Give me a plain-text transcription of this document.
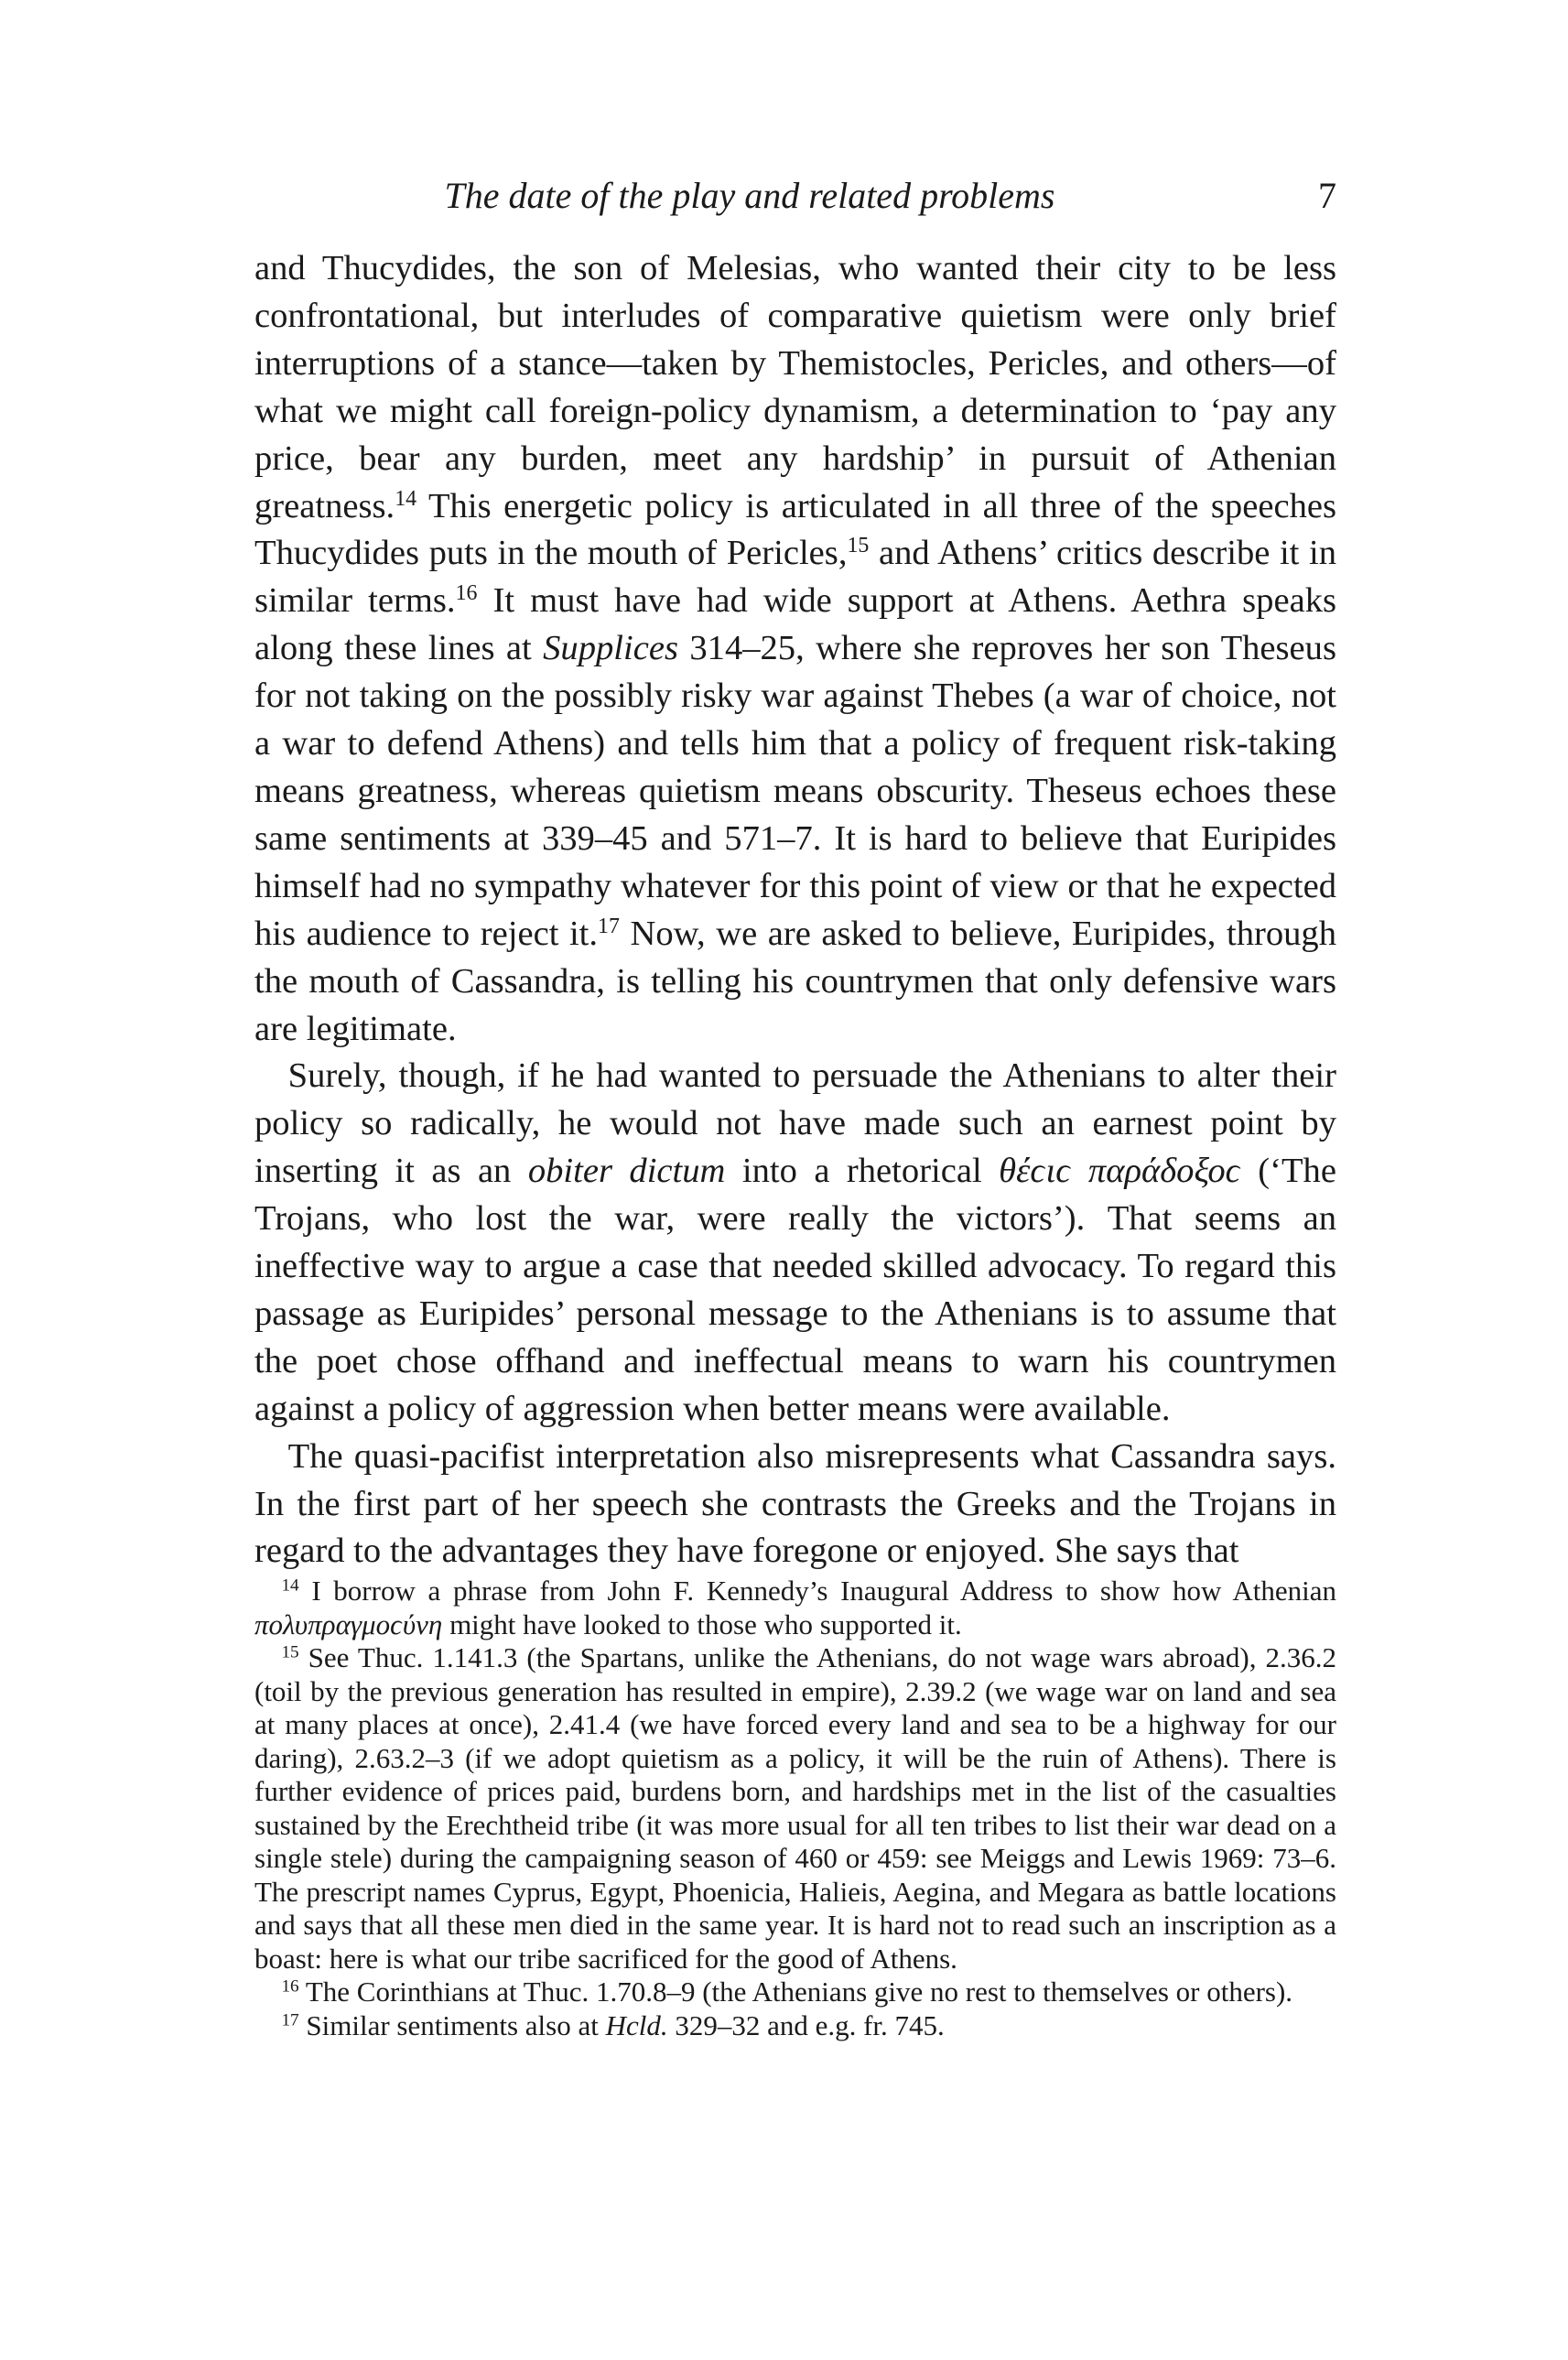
The date of the play and related problems	7

and Thucydides, the son of Melesias, who wanted their city to be less confrontational, but interludes of comparative quietism were only brief interruptions of a stance—taken by Themistocles, Pericles, and others—of what we might call foreign-policy dynamism, a determination to ‘pay any price, bear any burden, meet any hardship’ in pursuit of Athenian greatness.$^{14}$ This energetic policy is articulated in all three of the speeches Thucydides puts in the mouth of Pericles,$^{15}$ and Athens’ critics describe it in similar terms.$^{16}$ It must have had wide support at Athens. Aethra speaks along these lines at Supplices 314–25, where she reproves her son Theseus for not taking on the possibly risky war against Thebes (a war of choice, not a war to defend Athens) and tells him that a policy of frequent risk-taking means greatness, whereas quietism means obscurity. Theseus echoes these same sentiments at 339–45 and 571–7. It is hard to believe that Euripides himself had no sympathy whatever for this point of view or that he expected his audience to reject it.$^{17}$ Now, we are asked to believe, Euripides, through the mouth of Cassandra, is telling his countrymen that only defensive wars are legitimate.

Surely, though, if he had wanted to persuade the Athenians to alter their policy so radically, he would not have made such an earnest point by inserting it as an obiter dictum into a rhetorical θέϲιϲ παράδοξοϲ (‘The Trojans, who lost the war, were really the victors’). That seems an ineffective way to argue a case that needed skilled advocacy. To regard this passage as Euripides’ personal message to the Athenians is to assume that the poet chose offhand and ineffectual means to warn his countrymen against a policy of aggression when better means were available.

The quasi-pacifist interpretation also misrepresents what Cassandra says. In the first part of her speech she contrasts the Greeks and the Trojans in regard to the advantages they have foregone or enjoyed. She says that

$^{14}$ I borrow a phrase from John F. Kennedy’s Inaugural Address to show how Athenian πολυπραγμοϲύνη might have looked to those who supported it.

$^{15}$ See Thuc. 1.141.3 (the Spartans, unlike the Athenians, do not wage wars abroad), 2.36.2 (toil by the previous generation has resulted in empire), 2.39.2 (we wage war on land and sea at many places at once), 2.41.4 (we have forced every land and sea to be a highway for our daring), 2.63.2–3 (if we adopt quietism as a policy, it will be the ruin of Athens). There is further evidence of prices paid, burdens born, and hardships met in the list of the casualties sustained by the Erechtheid tribe (it was more usual for all ten tribes to list their war dead on a single stele) during the campaigning season of 460 or 459: see Meiggs and Lewis 1969: 73–6. The prescript names Cyprus, Egypt, Phoenicia, Halieis, Aegina, and Megara as battle locations and says that all these men died in the same year. It is hard not to read such an inscription as a boast: here is what our tribe sacrificed for the good of Athens.

$^{16}$ The Corinthians at Thuc. 1.70.8–9 (the Athenians give no rest to themselves or others).

$^{17}$ Similar sentiments also at Hcld. 329–32 and e.g. fr. 745.
